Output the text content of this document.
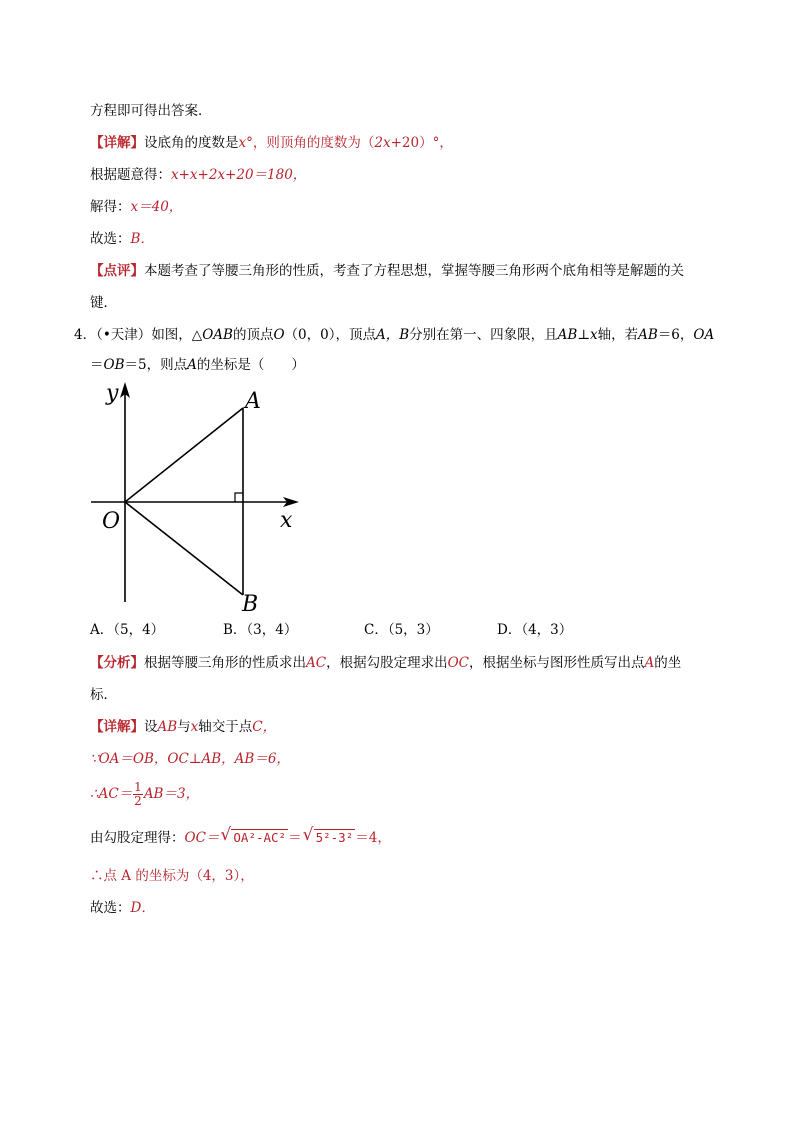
方程即可得出答案．
【详解】设底角的度数是x°，则顶角的度数为（2x+20）°，
根据题意得：x+x+2x+20＝180，
解得：x＝40，
故选：B．
【点评】本题考查了等腰三角形的性质，考查了方程思想，掌握等腰三角形两个底角相等是解题的关
键．
4．（•天津）如图，△OAB的顶点O（0，0），顶点A，B分别在第一、四象限，且AB⊥x轴，若AB＝6，OA
＝OB＝5，则点A的坐标是（　　）
y
x
O
A
B
A．（5，4）	B．（3，4）	C．（5，3）	D．（4，3）
【分析】根据等腰三角形的性质求出AC，根据勾股定理求出OC，根据坐标与图形性质写出点A的坐
标．
【详解】设AB与x轴交于点C，
∵OA＝OB，OC⊥AB，AB＝6，
∴AC＝ $\frac{1}{2} AB=3$，
由勾股定理得：OC＝ √ OA²-AC² ＝ √ 5²-3² ＝4，
∴点 A 的坐标为（4，3），
故选：D．
